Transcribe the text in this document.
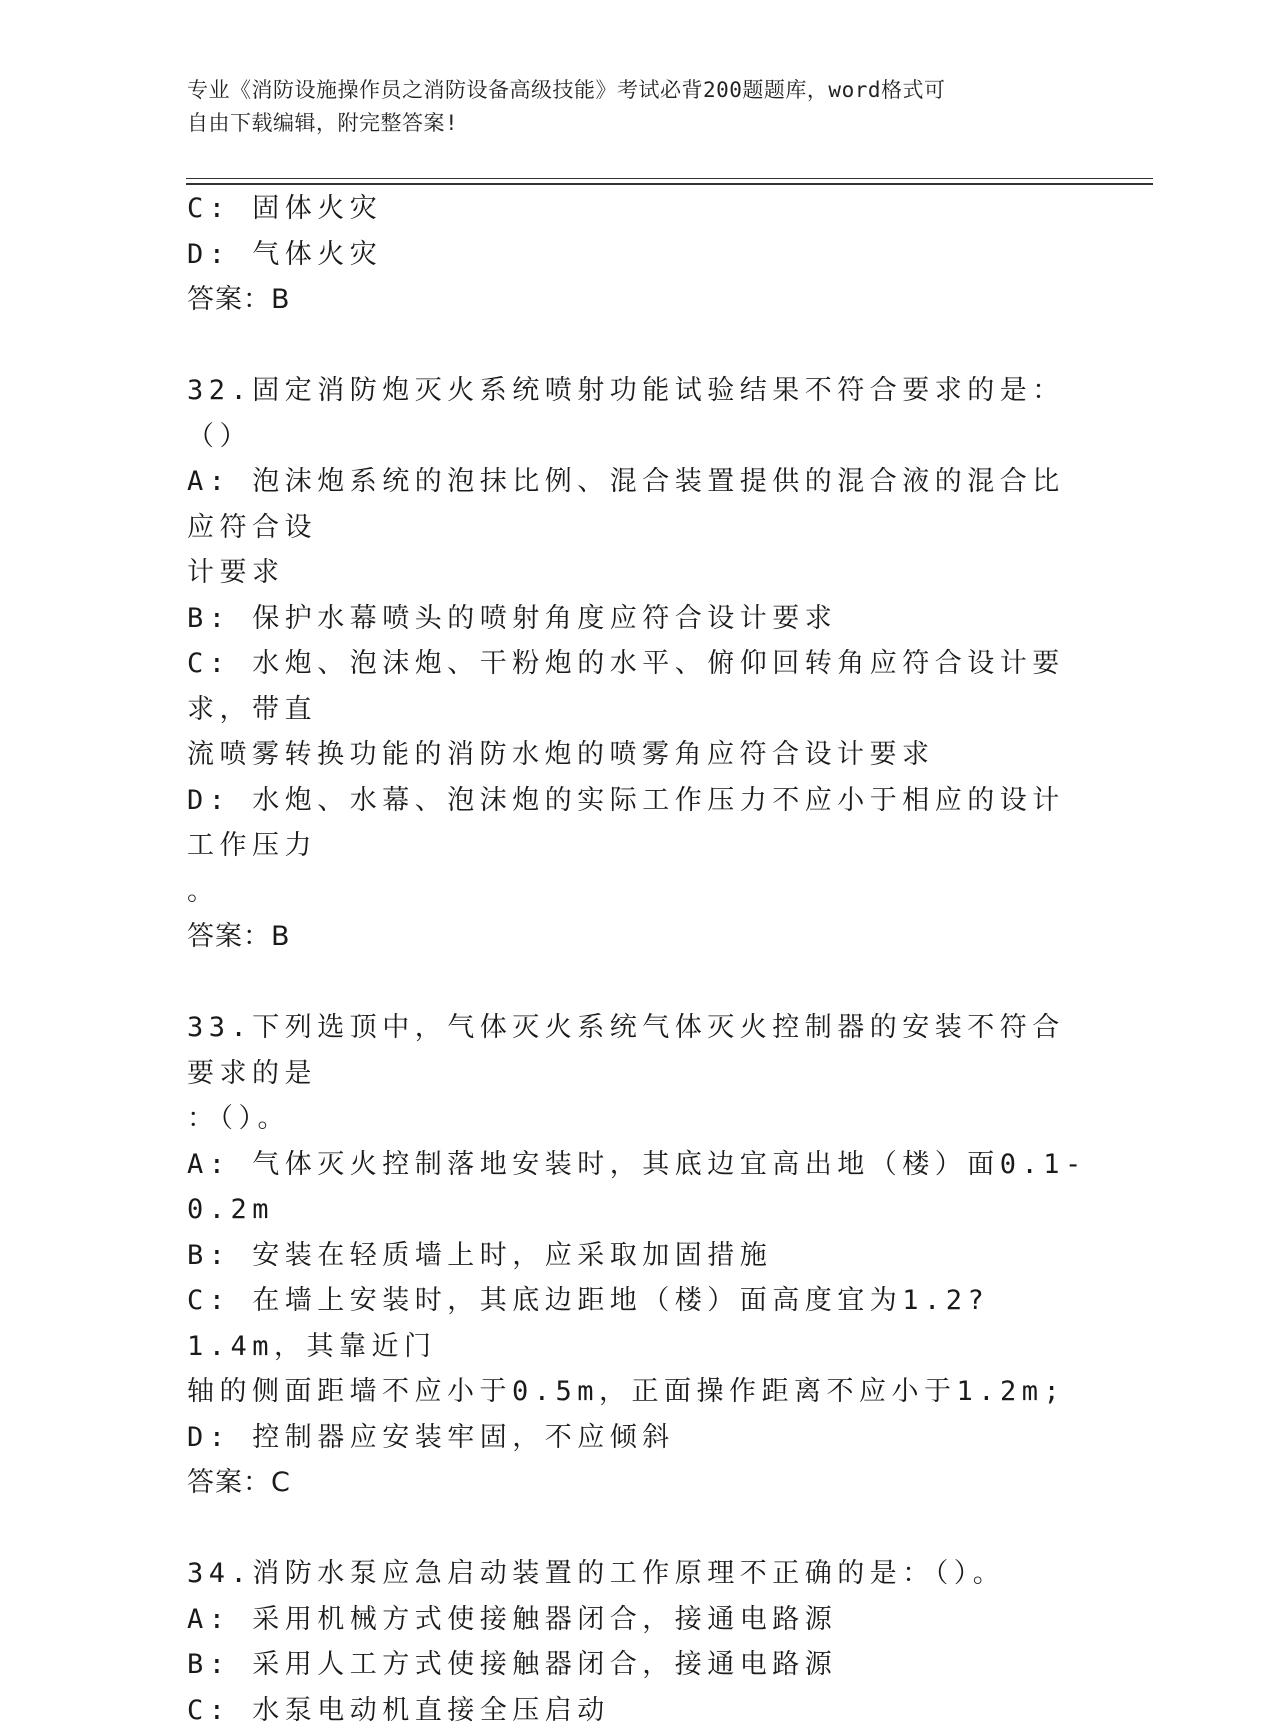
专业《消防设施操作员之消防设备高级技能》考试必背200题题库，word格式可
自由下载编辑，附完整答案!

C: 固体火灾

D: 气体火灾

答案：B

32.固定消防炮灭火系统喷射功能试验结果不符合要求的是：（）

A: 泡沫炮系统的泡抹比例、混合装置提供的混合液的混合比应符合设

计要求

B: 保护水幕喷头的喷射角度应符合设计要求

C: 水炮、泡沫炮、干粉炮的水平、俯仰回转角应符合设计要求，带直

流喷雾转换功能的消防水炮的喷雾角应符合设计要求

D: 水炮、水幕、泡沫炮的实际工作压力不应小于相应的设计工作压力

。

答案：B

33.下列选顶中，气体灭火系统气体灭火控制器的安装不符合要求的是

：（）。

A: 气体灭火控制落地安装时，其底边宜高出地（楼）面0.1-0.2m

B: 安装在轻质墙上时，应采取加固措施

C: 在墙上安装时，其底边距地（楼）面高度宜为1.2?1.4m，其靠近门

轴的侧面距墙不应小于0.5m，正面操作距离不应小于1.2m;

D: 控制器应安装牢固，不应倾斜

答案：C

34.消防水泵应急启动装置的工作原理不正确的是：（）。

A: 采用机械方式使接触器闭合，接通电路源

B: 采用人工方式使接触器闭合，接通电路源

C: 水泵电动机直接全压启动
